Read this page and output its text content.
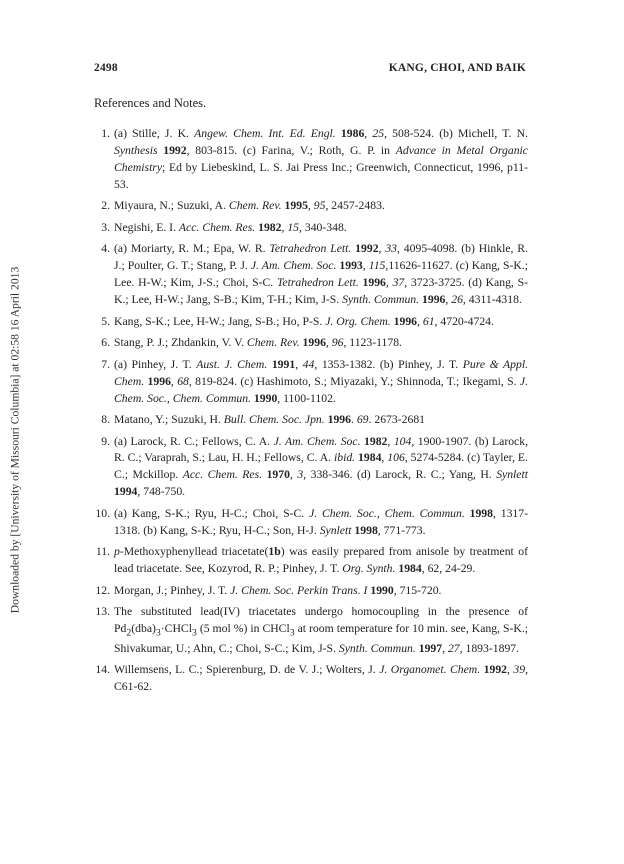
Downloaded by [University of Missouri Columbia] at 02:58 16 April 2013
2498	KANG, CHOI, AND BAIK
References and Notes.
1. (a) Stille, J. K. Angew. Chem. Int. Ed. Engl. 1986, 25, 508-524. (b) Michell, T. N. Synthesis 1992, 803-815. (c) Farina, V.; Roth, G. P. in Advance in Metal Organic Chemistry; Ed by Liebeskind, L. S. Jai Press Inc.; Greenwich, Connecticut, 1996, p11-53.
2. Miyaura, N.; Suzuki, A. Chem. Rev. 1995, 95, 2457-2483.
3. Negishi, E. I. Acc. Chem. Res. 1982, 15, 340-348.
4. (a) Moriarty, R. M.; Epa, W. R. Tetrahedron Lett. 1992, 33, 4095-4098. (b) Hinkle, R. J.; Poulter, G. T.; Stang, P. J. J. Am. Chem. Soc. 1993, 115,11626-11627. (c) Kang, S-K.; Lee. H-W.; Kim, J-S.; Choi, S-C. Tetrahedron Lett. 1996, 37, 3723-3725. (d) Kang, S-K.; Lee, H-W.; Jang, S-B.; Kim, T-H.; Kim, J-S. Synth. Commun. 1996, 26, 4311-4318.
5. Kang, S-K.; Lee, H-W.; Jang, S-B.; Ho, P-S. J. Org. Chem. 1996, 61, 4720-4724.
6. Stang, P. J.; Zhdankin, V. V. Chem. Rev. 1996, 96, 1123-1178.
7. (a) Pinhey, J. T. Aust. J. Chem. 1991, 44, 1353-1382. (b) Pinhey, J. T. Pure & Appl. Chem. 1996, 68, 819-824. (c) Hashimoto, S.; Miyazaki, Y.; Shinnoda, T.; Ikegami, S. J. Chem. Soc., Chem. Commun. 1990, 1100-1102.
8. Matano, Y.; Suzuki, H. Bull. Chem. Soc. Jpn. 1996. 69. 2673-2681
9. (a) Larock, R. C.; Fellows, C. A. J. Am. Chem. Soc. 1982, 104, 1900-1907. (b) Larock, R. C.; Varaprah, S.; Lau, H. H.; Fellows, C. A. ibid. 1984, 106, 5274-5284. (c) Tayler, E. C.; Mckillop. Acc. Chem. Res. 1970, 3, 338-346. (d) Larock, R. C.; Yang, H. Synlett 1994, 748-750.
10. (a) Kang, S-K.; Ryu, H-C.; Choi, S-C. J. Chem. Soc., Chem. Commun. 1998, 1317-1318. (b) Kang, S-K.; Ryu, H-C.; Son, H-J. Synlett 1998, 771-773.
11. p-Methoxyphenyllead triacetate(1b) was easily prepared from anisole by treatment of lead triacetate. See, Kozyrod, R. P.; Pinhey, J. T. Org. Synth. 1984, 62, 24-29.
12. Morgan, J.; Pinhey, J. T. J. Chem. Soc. Perkin Trans. I 1990, 715-720.
13. The substituted lead(IV) triacetates undergo homocoupling in the presence of $Pd_2(dba)_3\cdot CHCl_3$ (5 mol %) in CHCl$_3$ at room temperature for 10 min. see, Kang, S-K.; Shivakumar, U.; Ahn, C.; Choi, S-C.; Kim, J-S. Synth. Commun. 1997, 27, 1893-1897.
14. Willemsens, L. C.; Spierenburg, D. de V. J.; Wolters, J. J. Organomet. Chem. 1992, 39, C61-62.
